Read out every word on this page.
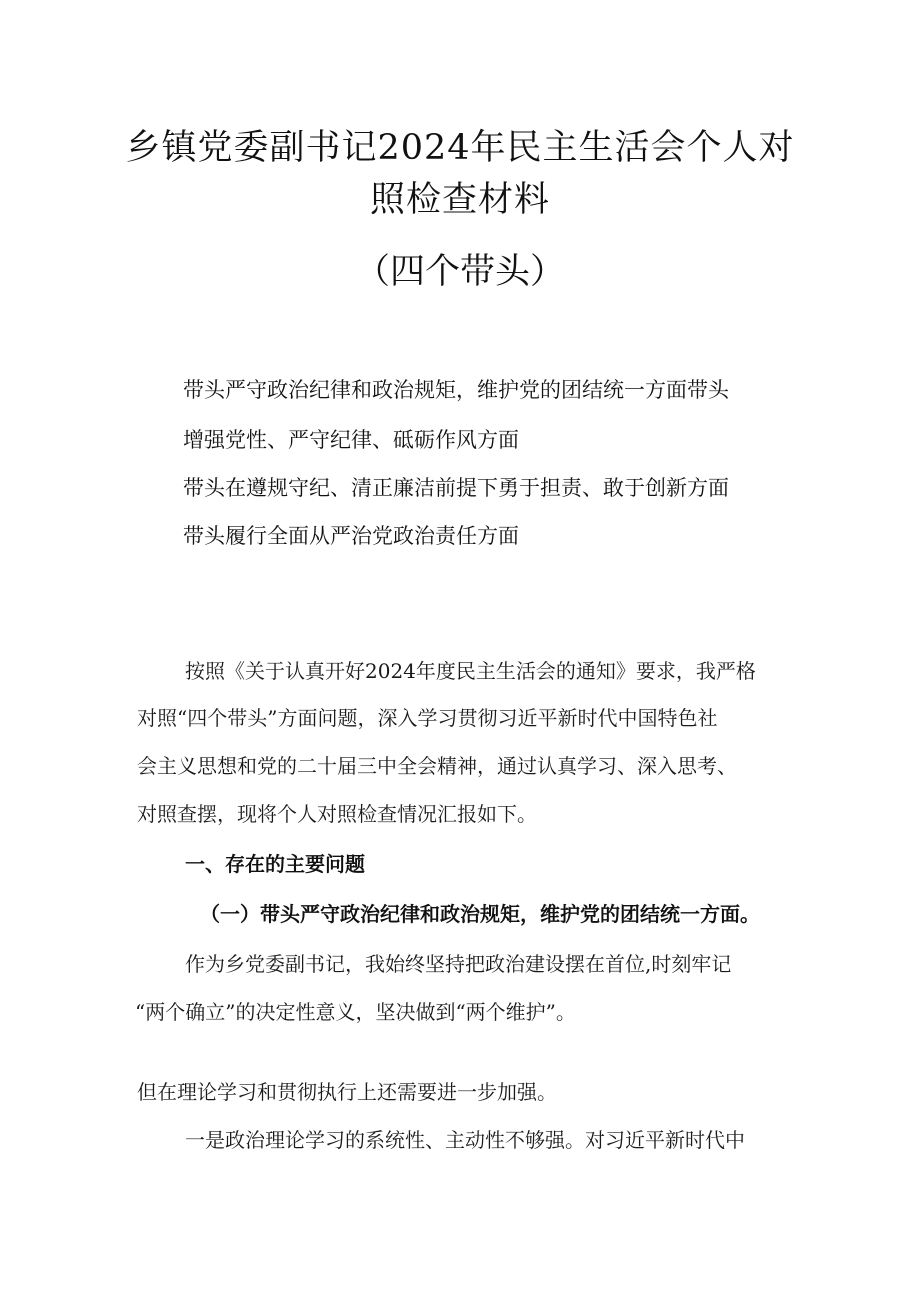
乡镇党委副书记2024年民主生活会个人对
照检查材料
（四个带头）
带头严守政治纪律和政治规矩，维护党的团结统一方面带头
增强党性、严守纪律、砥砺作风方面
带头在遵规守纪、清正廉洁前提下勇于担责、敢于创新方面
带头履行全面从严治党政治责任方面
按照《关于认真开好2024年度民主生活会的通知》要求，我严格
对照“四个带头”方面问题，深入学习贯彻习近平新时代中国特色社
会主义思想和党的二十届三中全会精神，通过认真学习、深入思考、
对照查摆，现将个人对照检查情况汇报如下。
一、存在的主要问题
（一）带头严守政治纪律和政治规矩，维护党的团结统一方面。
作为乡党委副书记，我始终坚持把政治建设摆在首位,时刻牢记
“两个确立”的决定性意义，坚决做到“两个维护”。
但在理论学习和贯彻执行上还需要进一步加强。
一是政治理论学习的系统性、主动性不够强。对习近平新时代中
